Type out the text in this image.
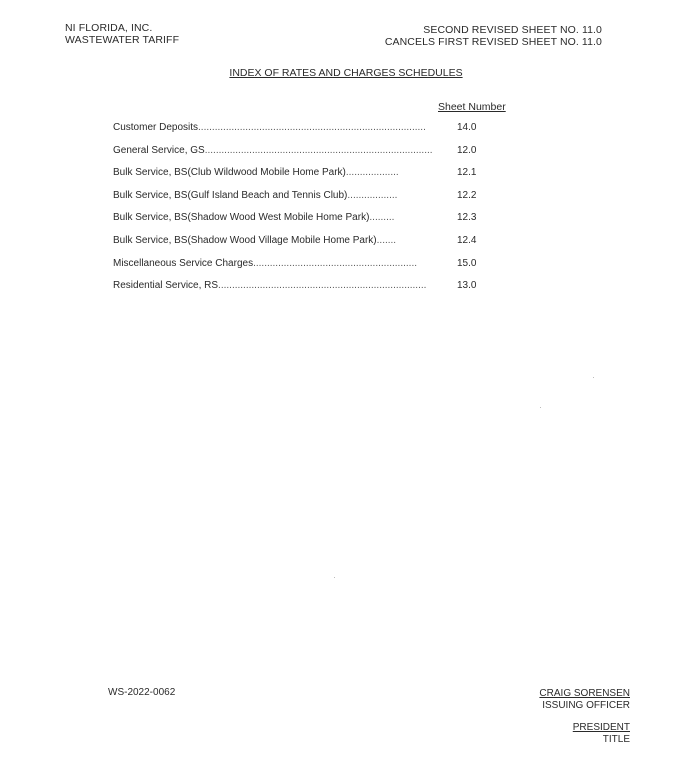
NI FLORIDA, INC.
WASTEWATER TARIFF
SECOND REVISED SHEET NO. 11.0
CANCELS FIRST REVISED SHEET NO. 11.0
INDEX OF RATES AND CHARGES SCHEDULES
Sheet Number
Customer Deposits ..................................................................................	14.0
General Service, GS .................................................................................. 12.0
Bulk Service, BS(Club Wildwood Mobile Home Park) ...................	12.1
Bulk Service, BS(Gulf Island Beach and Tennis Club) ..................	12.2
Bulk Service, BS(Shadow Wood West Mobile Home Park) .........	12.3
Bulk Service, BS(Shadow Wood Village Mobile Home Park) .......	12.4
Miscellaneous Service Charges ...........................................................	15.0
Residential Service, RS ...........................................................................	13.0
WS-2022-0062	CRAIG SORENSEN
ISSUING OFFICER
PRESIDENT
TITLE
